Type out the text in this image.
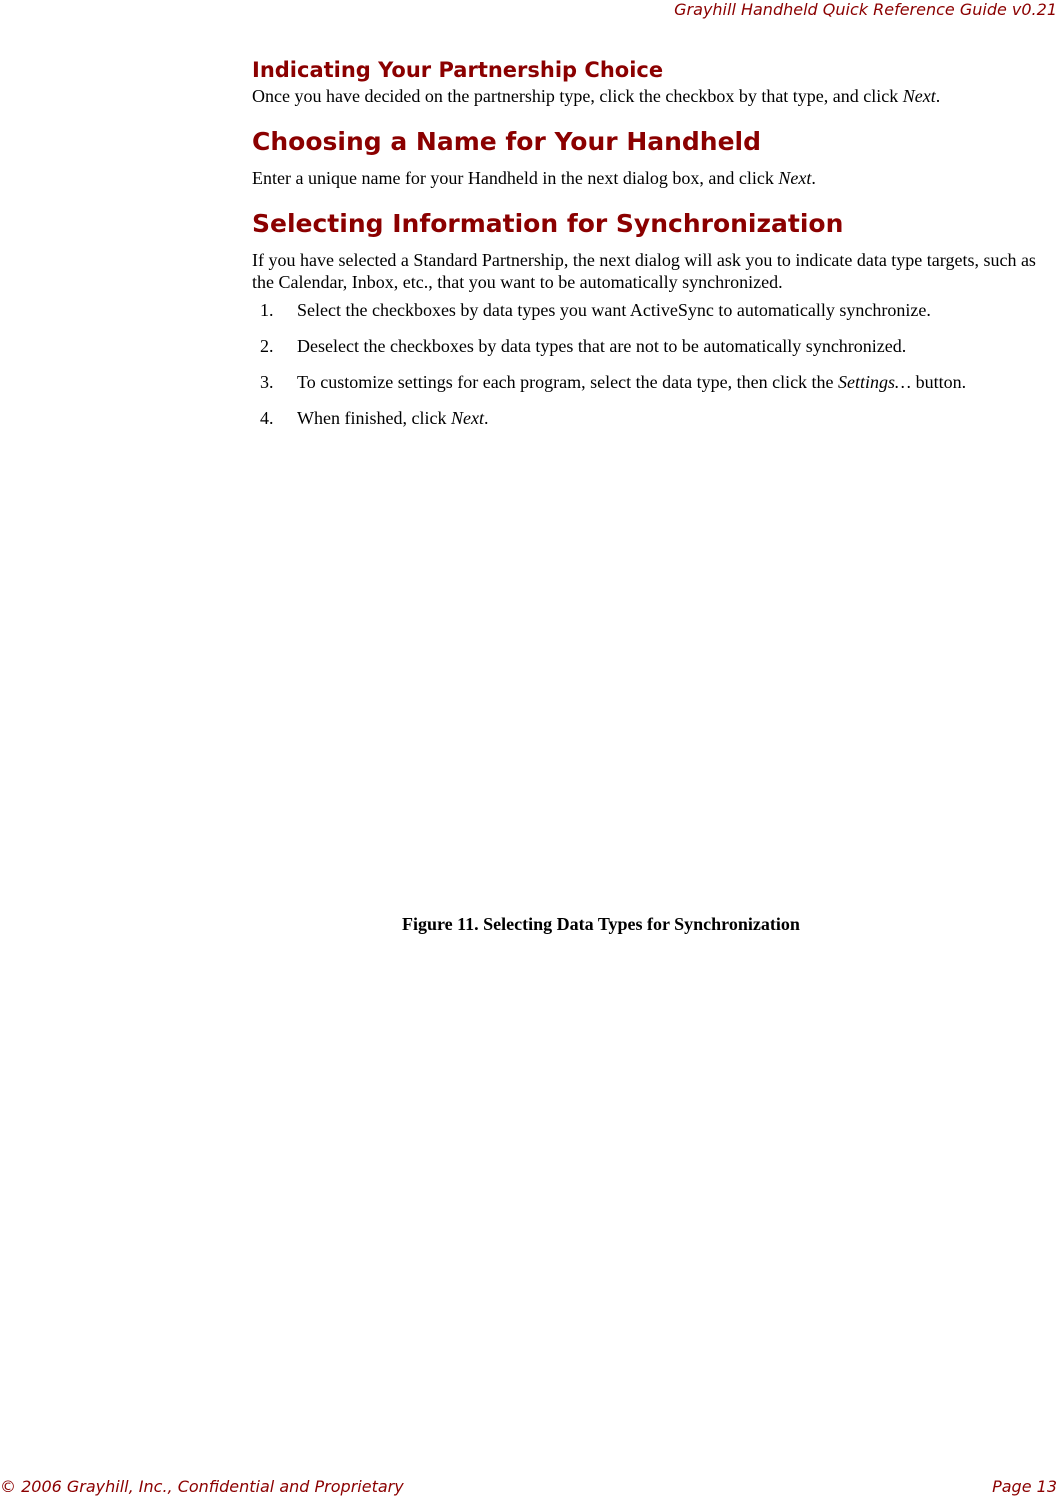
Grayhill Handheld Quick Reference Guide v0.21
Indicating Your Partnership Choice

Once you have decided on the partnership type, click the checkbox by that type, and click Next.

Choosing a Name for Your Handheld

Enter a unique name for your Handheld in the next dialog box, and click Next.

Selecting Information for Synchronization

If you have selected a Standard Partnership, the next dialog will ask you to indicate data type targets, such as the Calendar, Inbox, etc., that you want to be automatically synchronized.

1. Select the checkboxes by data types you want ActiveSync to automatically synchronize.
2. Deselect the checkboxes by data types that are not to be automatically synchronized.
3. To customize settings for each program, select the data type, then click the Settings… button.
4. When finished, click Next.
Figure 11. Selecting Data Types for Synchronization
© 2006 Grayhill, Inc., Confidential and Proprietary	Page 13
